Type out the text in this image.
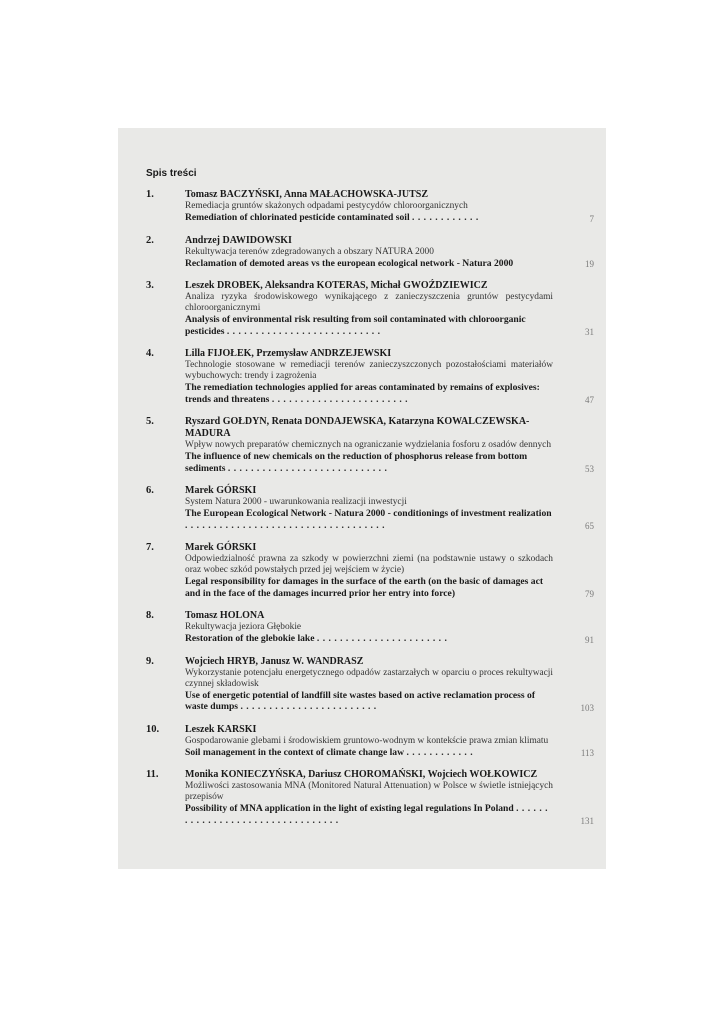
Spis treści
1.	Tomasz BACZYŃSKI, Anna MAŁACHOWSKA-JUTSZ
Remediacja gruntów skażonych odpadami pestycydów chloroorganicznych
Remediation of chlorinated pesticide contaminated soil . . . . . . . . . . . .	7
2.	Andrzej DAWIDOWSKI
Rekultywacja terenów zdegradowanych a obszary NATURA 2000
Reclamation of demoted areas vs the european ecological network - Natura 2000	19
3.	Leszek DROBEK, Aleksandra KOTERAS, Michał GWOŹDZIEWICZ
Analiza ryzyka środowiskowego wynikającego z zanieczyszczenia gruntów pestycydami chloroorganicznymi
Analysis of environmental risk resulting from soil contaminated with chloroorganic pesticides . . . . . . . . . . . . . . . . . . . . . . . . . . .	31
4.	Lilla FIJOŁEK, Przemysław ANDRZEJEWSKI
Technologie stosowane w remediacji terenów zanieczyszczonych pozostałościami materiałów wybuchowych: trendy i zagrożenia
The remediation technologies applied for areas contaminated by remains of explosives: trends and threatens . . . . . . . . . . . . . . . . . . . . . . . .	47
5.	Ryszard GOŁDYN, Renata DONDAJEWSKA, Katarzyna KOWALCZEWSKA-MADURA
Wpływ nowych preparatów chemicznych na ograniczanie wydzielania fosforu z osadów dennych
The influence of new chemicals on the reduction of phosphorus release from bottom sediments . . . . . . . . . . . . . . . . . . . . . . . . . . . .	53
6.	Marek GÓRSKI
System Natura 2000 - uwarunkowania realizacji inwestycji
The European Ecological Network - Natura 2000 - conditionings of investment realization . . . . . . . . . . . . . . . . . . . . . . . . . . . . . . . . . . .	65
7.	Marek GÓRSKI
Odpowiedzialność prawna za szkody w powierzchni ziemi (na podstawnie ustawy o szkodach oraz wobec szkód powstałych przed jej wejściem w życie)
Legal responsibility for damages in the surface of the earth (on the basic of damages act and in the face of the damages incurred prior her entry into force)	79
8.	Tomasz HOLONA
Rekultywacja jeziora Głębokie
Restoration of the glebokie lake . . . . . . . . . . . . . . . . . . . . . . .	91
9.	Wojciech HRYB, Janusz W. WANDRASZ
Wykorzystanie potencjału energetycznego odpadów zastarzałych w oparciu o proces rekultywacji czynnej składowisk
Use of energetic potential of landfill site wastes based on active reclamation process of waste dumps . . . . . . . . . . . . . . . . . . . . . . . .	103
10.	Leszek KARSKI
Gospodarowanie glebami i środowiskiem gruntowo-wodnym w kontekście prawa zmian klimatu
Soil management in the context of climate change law . . . . . . . . . . . .	113
11.	Monika KONIECZYŃSKA, Dariusz CHOROMAŃSKI, Wojciech WOŁKOWICZ
Możliwości zastosowania MNA (Monitored Natural Attenuation) w Polsce w świetle istniejących przepisów
Possibility of MNA application in the light of existing legal regulations In Poland . . . . . . . . . . . . . . . . . . . . . . . . . . . . . . . . .	131
